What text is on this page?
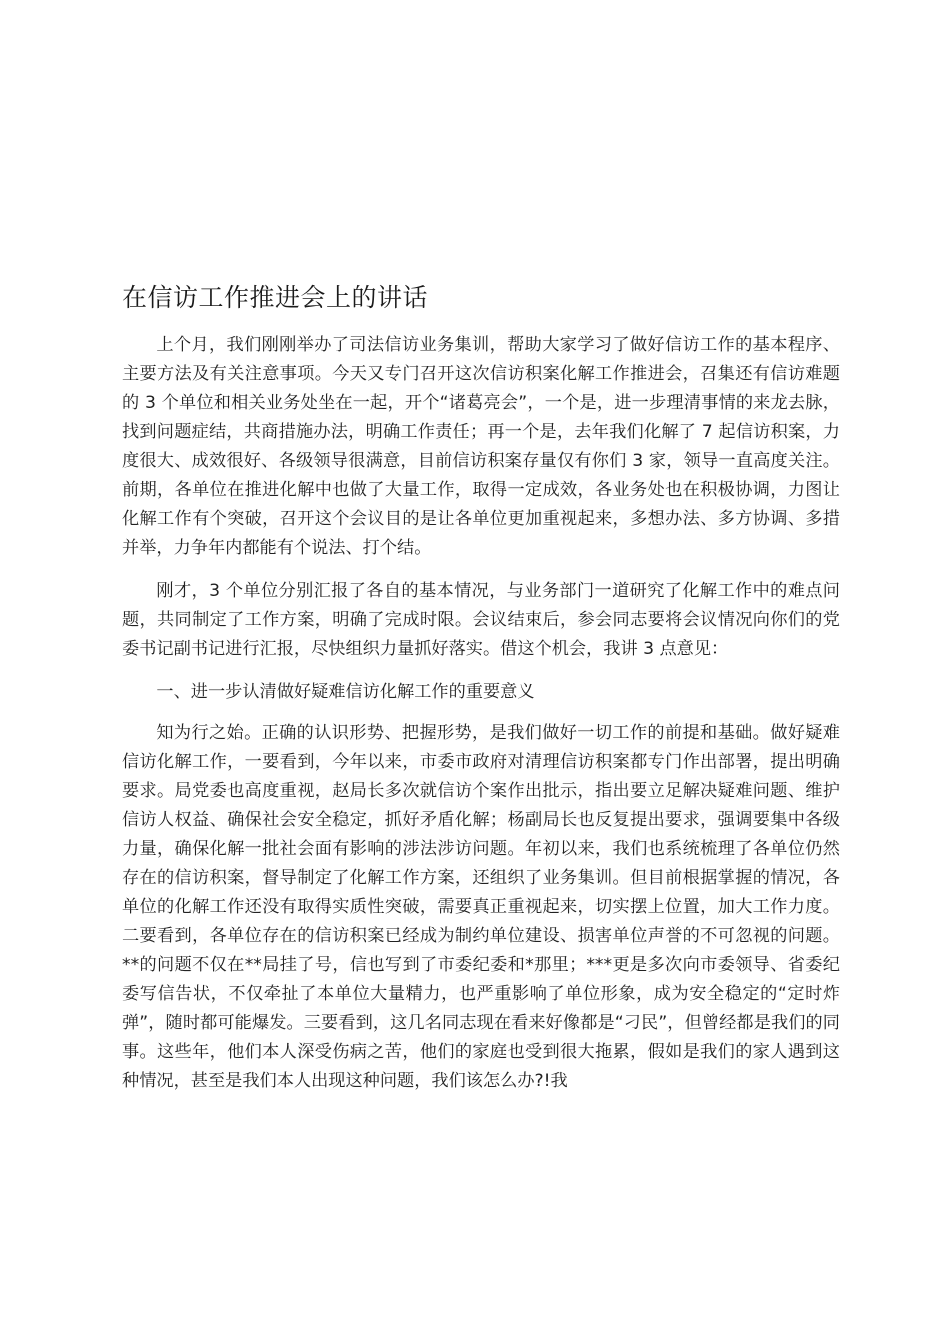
在信访工作推进会上的讲话

上个月，我们刚刚举办了司法信访业务集训，帮助大家学习了做好信访工作的基本程序、主要方法及有关注意事项。今天又专门召开这次信访积案化解工作推进会，召集还有信访难题的 3 个单位和相关业务处坐在一起，开个“诸葛亮会”，一个是，进一步理清事情的来龙去脉，找到问题症结，共商措施办法，明确工作责任；再一个是，去年我们化解了 7 起信访积案，力度很大、成效很好、各级领导很满意，目前信访积案存量仅有你们 3 家，领导一直高度关注。前期，各单位在推进化解中也做了大量工作，取得一定成效，各业务处也在积极协调，力图让化解工作有个突破，召开这个会议目的是让各单位更加重视起来，多想办法、多方协调、多措并举，力争年内都能有个说法、打个结。

刚才，3 个单位分别汇报了各自的基本情况，与业务部门一道研究了化解工作中的难点问题，共同制定了工作方案，明确了完成时限。会议结束后，参会同志要将会议情况向你们的党委书记副书记进行汇报，尽快组织力量抓好落实。借这个机会，我讲 3 点意见：

一、进一步认清做好疑难信访化解工作的重要意义

知为行之始。正确的认识形势、把握形势，是我们做好一切工作的前提和基础。做好疑难信访化解工作，一要看到，今年以来，市委市政府对清理信访积案都专门作出部署，提出明确要求。局党委也高度重视，赵局长多次就信访个案作出批示，指出要立足解决疑难问题、维护信访人权益、确保社会安全稳定，抓好矛盾化解；杨副局长也反复提出要求，强调要集中各级力量，确保化解一批社会面有影响的涉法涉访问题。年初以来，我们也系统梳理了各单位仍然存在的信访积案，督导制定了化解工作方案，还组织了业务集训。但目前根据掌握的情况，各单位的化解工作还没有取得实质性突破，需要真正重视起来，切实摆上位置，加大工作力度。二要看到，各单位存在的信访积案已经成为制约单位建设、损害单位声誉的不可忽视的问题。**的问题不仅在**局挂了号，信也写到了市委纪委和*那里；***更是多次向市委领导、省委纪委写信告状，不仅牵扯了本单位大量精力，也严重影响了单位形象，成为安全稳定的“定时炸弹”，随时都可能爆发。三要看到，这几名同志现在看来好像都是“刁民”，但曾经都是我们的同事。这些年，他们本人深受伤病之苦，他们的家庭也受到很大拖累，假如是我们的家人遇到这种情况，甚至是我们本人出现这种问题，我们该怎么办?!我
